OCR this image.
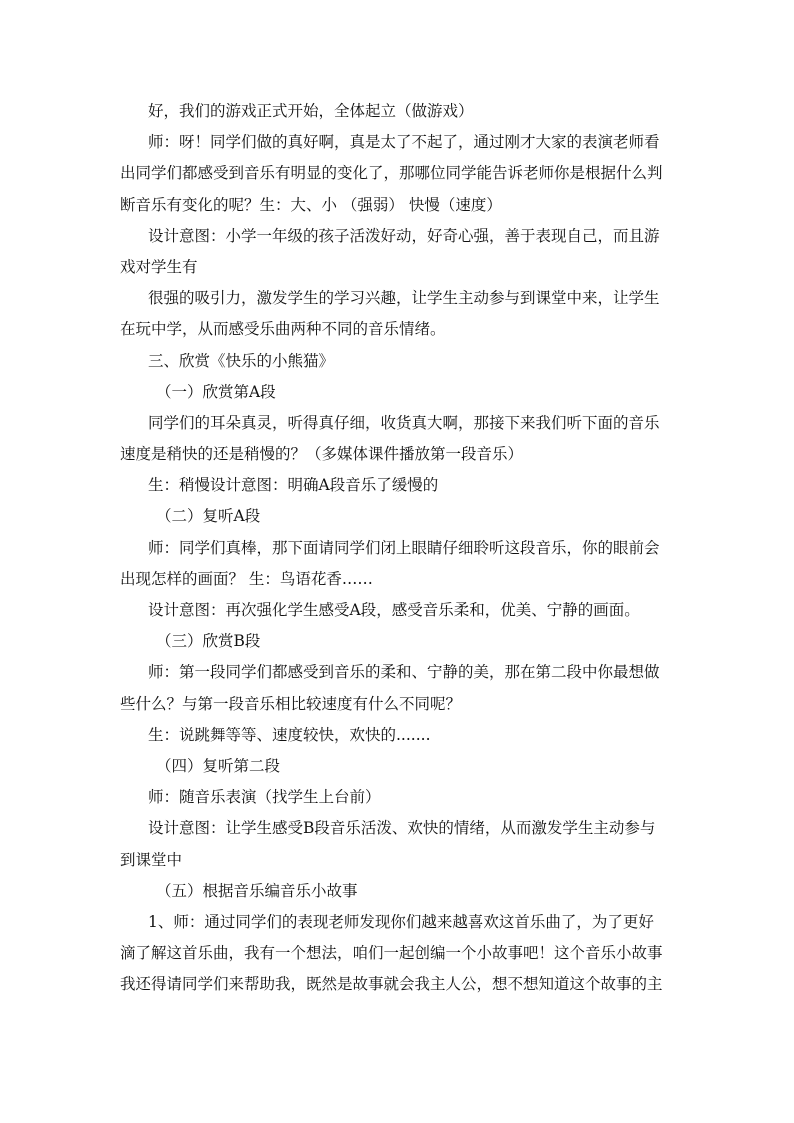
好，我们的游戏正式开始，全体起立（做游戏）
师：呀！同学们做的真好啊，真是太了不起了，通过刚才大家的表演老师看
出同学们都感受到音乐有明显的变化了，那哪位同学能告诉老师你是根据什么判
断音乐有变化的呢？生：大、小 （强弱） 快慢（速度）
设计意图：小学一年级的孩子活泼好动，好奇心强，善于表现自己，而且游
戏对学生有
很强的吸引力，激发学生的学习兴趣，让学生主动参与到课堂中来，让学生
在玩中学，从而感受乐曲两种不同的音乐情绪。
三、欣赏《快乐的小熊猫》
（一）欣赏第A段
同学们的耳朵真灵，听得真仔细，收货真大啊，那接下来我们听下面的音乐
速度是稍快的还是稍慢的？（多媒体课件播放第一段音乐）
生：稍慢设计意图：明确A段音乐了缓慢的
（二）复听A段
师：同学们真棒，那下面请同学们闭上眼睛仔细聆听这段音乐，你的眼前会
出现怎样的画面？ 生：鸟语花香……
设计意图：再次强化学生感受A段，感受音乐柔和，优美、宁静的画面。
（三）欣赏B段
师：第一段同学们都感受到音乐的柔和、宁静的美，那在第二段中你最想做
些什么？与第一段音乐相比较速度有什么不同呢？
生：说跳舞等等、速度较快，欢快的.......
（四）复听第二段
师：随音乐表演（找学生上台前）
设计意图：让学生感受B段音乐活泼、欢快的情绪，从而激发学生主动参与
到课堂中
（五）根据音乐编音乐小故事
1、师：通过同学们的表现老师发现你们越来越喜欢这首乐曲了，为了更好
滴了解这首乐曲，我有一个想法，咱们一起创编一个小故事吧！这个音乐小故事
我还得请同学们来帮助我，既然是故事就会我主人公，想不想知道这个故事的主
